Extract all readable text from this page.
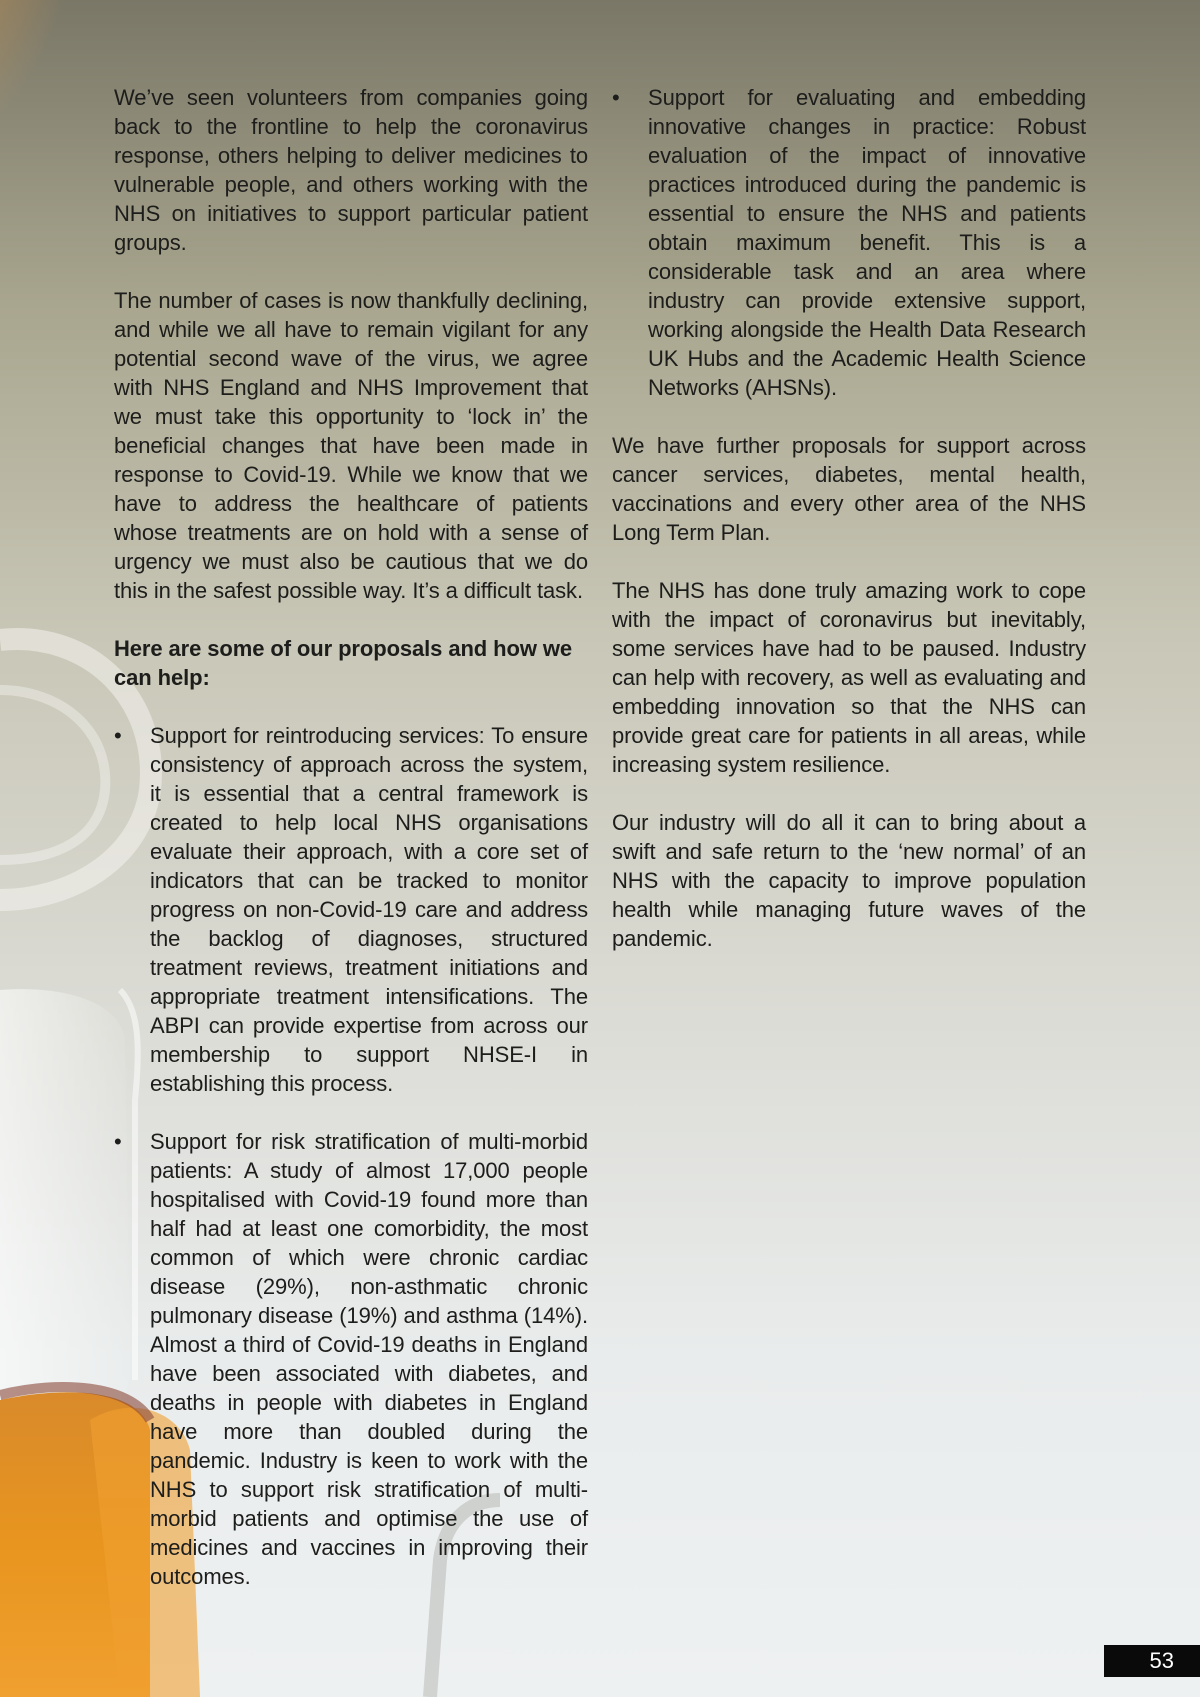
We’ve seen volunteers from companies going back to the frontline to help the coronavirus response, others helping to deliver medicines to vulnerable people, and others working with the NHS on initiatives to support particular patient groups.

The number of cases is now thankfully declining, and while we all have to remain vigilant for any potential second wave of the virus, we agree with NHS England and NHS Improvement that we must take this opportunity to ‘lock in’ the beneficial changes that have been made in response to Covid-19. While we know that we have to address the healthcare of patients whose treatments are on hold with a sense of urgency we must also be cautious that we do this in the safest possible way. It’s a difficult task.

Here are some of our proposals and how we can help:
•	Support for reintroducing services: To ensure consistency of approach across the system, it is essential that a central framework is created to help local NHS organisations evaluate their approach, with a core set of indicators that can be tracked to monitor progress on non-Covid-19 care and address the backlog of diagnoses, structured treatment reviews, treatment initiations and appropriate treatment intensifications. The ABPI can provide expertise from across our membership to support NHSE-I in establishing this process.
•	Support for risk stratification of multi-morbid patients: A study of almost 17,000 people hospitalised with Covid-19 found more than half had at least one comorbidity, the most common of which were chronic cardiac disease (29%), non-asthmatic chronic pulmonary disease (19%) and asthma (14%). Almost a third of Covid-19 deaths in England have been associated with diabetes, and deaths in people with diabetes in England have more than doubled during the pandemic. Industry is keen to work with the NHS to support risk stratification of multi-morbid patients and optimise the use of medicines and vaccines in improving their outcomes.
•	Support for evaluating and embedding innovative changes in practice: Robust evaluation of the impact of innovative practices introduced during the pandemic is essential to ensure the NHS and patients obtain maximum benefit. This is a considerable task and an area where industry can provide extensive support, working alongside the Health Data Research UK Hubs and the Academic Health Science Networks (AHSNs).

We have further proposals for support across cancer services, diabetes, mental health, vaccinations and every other area of the NHS Long Term Plan.

The NHS has done truly amazing work to cope with the impact of coronavirus but inevitably, some services have had to be paused. Industry can help with recovery, as well as evaluating and embedding innovation so that the NHS can provide great care for patients in all areas, while increasing system resilience.

Our industry will do all it can to bring about a swift and safe return to the ‘new normal’ of an NHS with the capacity to improve population health while managing future waves of the pandemic.

53
